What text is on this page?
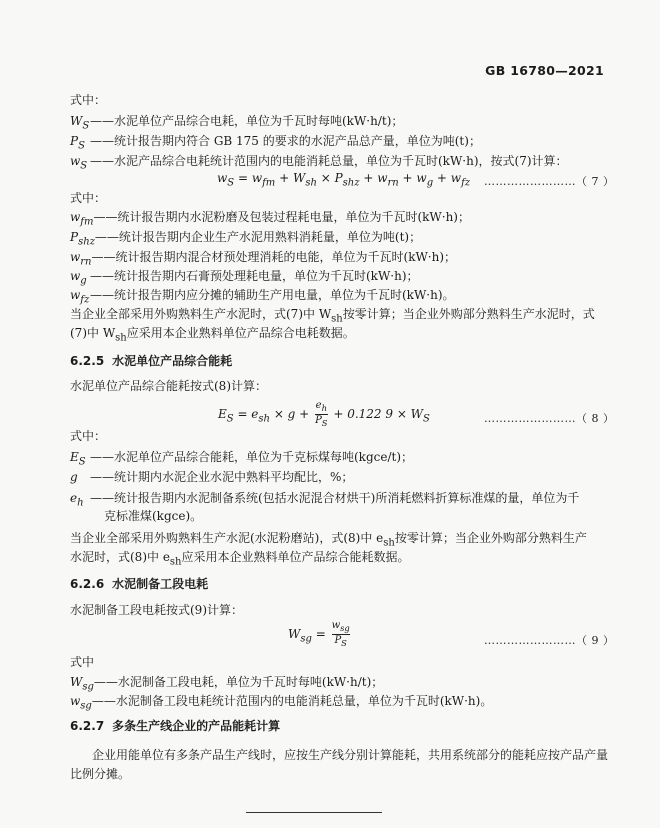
GB 16780—2021
式中：
$W_S——$水泥单位产品综合电耗，单位为千瓦时每吨(kW·h/t)；
$P_S$ ——统计报告期内符合 GB 175 的要求的水泥产品总产量，单位为吨(t)；
$w_S$ ——水泥产品综合电耗统计范围内的电能消耗总量，单位为千瓦时(kW·h)，按式(7)计算：
$w_S = w_{fm} + W_{sh} \times P_{shz} + w_{rn} + w_g + w_{fz}$ ……………………（ 7 ）
式中：
$w_{fm}——$统计报告期内水泥粉磨及包装过程耗电量，单位为千瓦时(kW·h)；
$P_{shz}——$统计报告期内企业生产水泥用熟料消耗量，单位为吨(t)；
$w_{rn}——$统计报告期内混合材预处理消耗的电能，单位为千瓦时(kW·h)；
$w_g$ ——统计报告期内石膏预处理耗电量，单位为千瓦时(kW·h)；
$w_{fz}——$统计报告期内应分摊的辅助生产用电量，单位为千瓦时(kW·h)。
当企业全部采用外购熟料生产水泥时，式(7)中 $W_{sh}$按零计算；当企业外购部分熟料生产水泥时，式
(7)中 $W_{sh}$应采用本企业熟料单位产品综合电耗数据。
6.2.5 水泥单位产品综合能耗
水泥单位产品综合能耗按式(8)计算：
$E_S = e_{sh} \times g + \frac{e_h}{P_S} + 0.122$ $9 \times W_S$	……………………（ 8 ）
式中：
$E_S$ ——水泥单位产品综合能耗，单位为千克标煤每吨(kgce/t)；
g ——统计期内水泥企业水泥中熟料平均配比，%；
$e_h$ ——统计报告期内水泥制备系统(包括水泥混合材烘干)所消耗燃料折算标准煤的量，单位为千
克标准煤(kgce)。
当企业全部采用外购熟料生产水泥(水泥粉磨站)，式(8)中 $e_{sh}$按零计算；当企业外购部分熟料生产
水泥时，式(8)中 $e_{sh}$应采用本企业熟料单位产品综合能耗数据。
6.2.6 水泥制备工段电耗
水泥制备工段电耗按式(9)计算：
$W_{sg} = \frac{w_{sg}}{P_S}$	……………………（ 9 ）
式中
$W_{sg}——$水泥制备工段电耗，单位为千瓦时每吨(kW·h/t)；
$w_{sg}——$水泥制备工段电耗统计范围内的电能消耗总量，单位为千瓦时(kW·h)。
6.2.7 多条生产线企业的产品能耗计算
企业用能单位有多条产品生产线时，应按生产线分别计算能耗，共用系统部分的能耗应按产品产量
比例分摊。
